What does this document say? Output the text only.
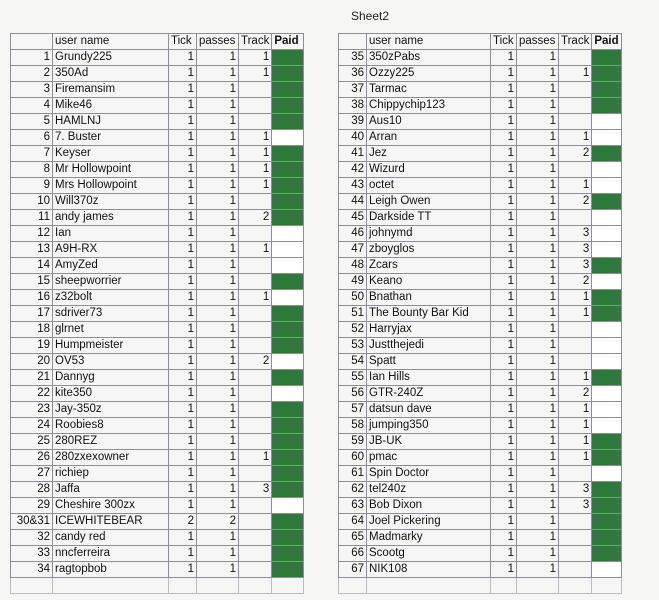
Sheet2
	user name	Tick	passes	Track	Paid
1	Grundy225	1	1	1	
2	350Ad	1	1	1	
3	Firemansim	1	1		
4	Mike46	1	1		
5	HAMLNJ	1	1		
6	7. Buster	1	1	1	
7	Keyser	1	1	1	
8	Mr Hollowpoint	1	1	1	
9	Mrs Hollowpoint	1	1	1	
10	Will370z	1	1		
11	andy james	1	1	2	
12	Ian	1	1		
13	A9H-RX	1	1	1	
14	AmyZed	1	1		
15	sheepworrier	1	1		
16	z32bolt	1	1	1	
17	sdriver73	1	1		
18	glrnet	1	1		
19	Humpmeister	1	1		
20	OV53	1	1	2	
21	Dannyg	1	1		
22	kite350	1	1		
23	Jay-350z	1	1		
24	Roobies8	1	1		
25	280REZ	1	1		
26	280zxexowner	1	1	1	
27	richiep	1	1		
28	Jaffa	1	1	3	
29	Cheshire 300zx	1	1		
30&31	ICEWHITEBEAR	2	2		
32	candy red	1	1		
33	nncferreira	1	1		
34	ragtopbob	1	1		

	user name	Tick	passes	Track	Paid
35	350zPabs	1	1		
36	Ozzy225	1	1	1	
37	Tarmac	1	1		
38	Chippychip123	1	1		
39	Aus10	1	1		
40	Arran	1	1	1	
41	Jez	1	1	2	
42	Wizurd	1	1		
43	octet	1	1	1	
44	Leigh Owen	1	1	2	
45	Darkside TT	1	1		
46	johnymd	1	1	3	
47	zboyglos	1	1	3	
48	Zcars	1	1	3	
49	Keano	1	1	2	
50	Bnathan	1	1	1	
51	The Bounty Bar Kid	1	1	1	
52	Harryjax	1	1		
53	Justthejedi	1	1		
54	Spatt	1	1		
55	Ian Hills	1	1	1	
56	GTR-240Z	1	1	2	
57	datsun dave	1	1	1	
58	jumping350	1	1	1	
59	JB-UK	1	1	1	
60	pmac	1	1	1	
61	Spin Doctor	1	1		
62	tel240z	1	1	3	
63	Bob Dixon	1	1	3	
64	Joel Pickering	1	1		
65	Madmarky	1	1		
66	Scootg	1	1		
67	NIK108	1	1		
